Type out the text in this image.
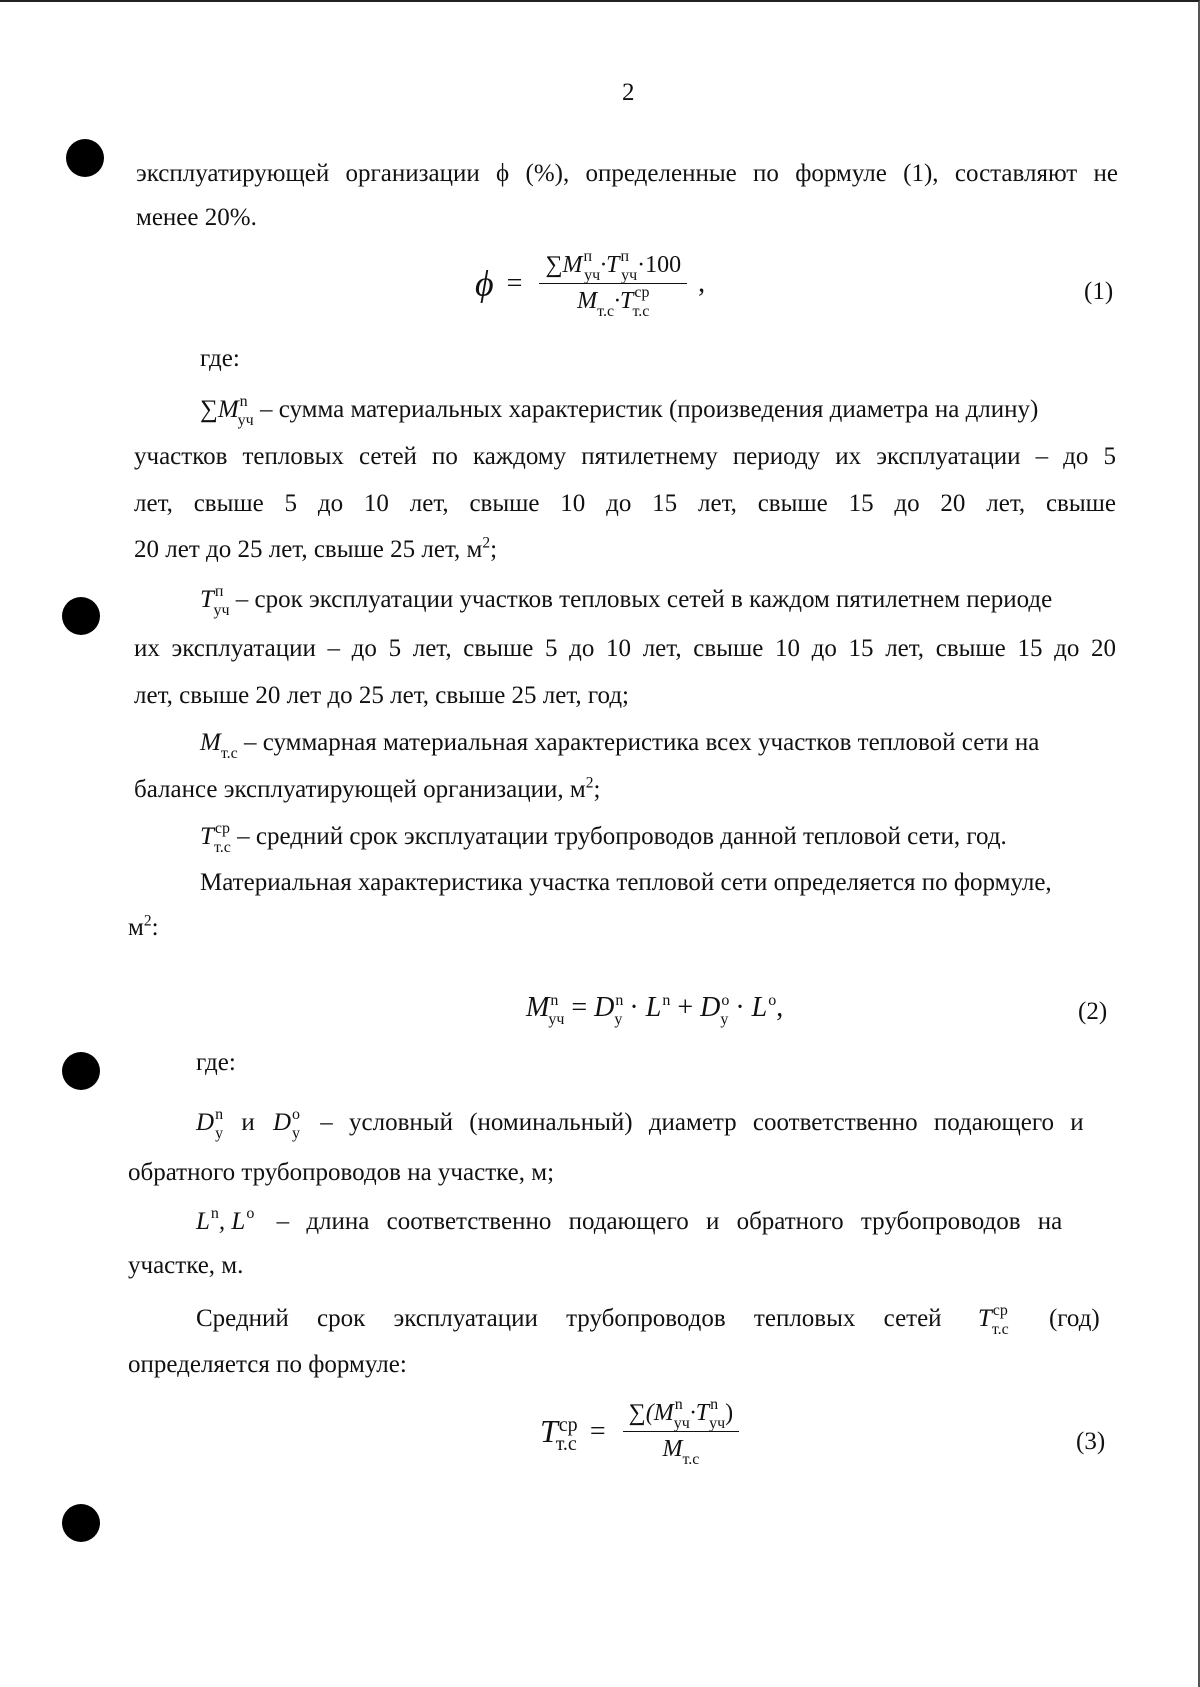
2
эксплуатирующей организации ϕ (%), определенные по формуле (1), составляют не
менее 20%.
$\phi = \frac{\sum M^п_{уч}\cdot T^п_{уч}\cdot 100}{M_{т.с}\cdot T^{ср}_{т.с}}$ ,	(1)
где:
$\sum M^n_{уч}$ – сумма материальных характеристик (произведения диаметра на длину)
участков тепловых сетей по каждому пятилетнему периоду их эксплуатации – до 5
лет, свыше 5 до 10 лет, свыше 10 до 15 лет, свыше 15 до 20 лет, свыше
20 лет до 25 лет, свыше 25 лет, $м^2$;
$T^п_{уч}$ – срок эксплуатации участков тепловых сетей в каждом пятилетнем периоде
их эксплуатации – до 5 лет, свыше 5 до 10 лет, свыше 10 до 15 лет, свыше 15 до 20
лет, свыше 20 лет до 25 лет, свыше 25 лет, год;
$M_{т.с}$ – суммарная материальная характеристика всех участков тепловой сети на
балансе эксплуатирующей организации, $м^2$;
$T^{ср}_{т.с}$ – средний срок эксплуатации трубопроводов данной тепловой сети, год.
Материальная характеристика участка тепловой сети определяется по формуле,
$м^2$:
$M^n_{уч} = D^n_y \cdot L^n + D^o_y \cdot L^o$,	(2)
где:
$D^n_y$ и $D^o_y$ – условный (номинальный) диаметр соответственно подающего и
обратного трубопроводов на участке, м;
$L^n$, $L^o$ – длина соответственно подающего и обратного трубопроводов на
участке, м.
Средний срок эксплуатации трубопроводов тепловых сетей $T^{ср}_{т.с}$ (год)
определяется по формуле:
$T^{ср}_{т.с} = \frac{\sum(M^n_{уч}\cdot T^n_{уч})}{M_{т.с}}$	(3)
